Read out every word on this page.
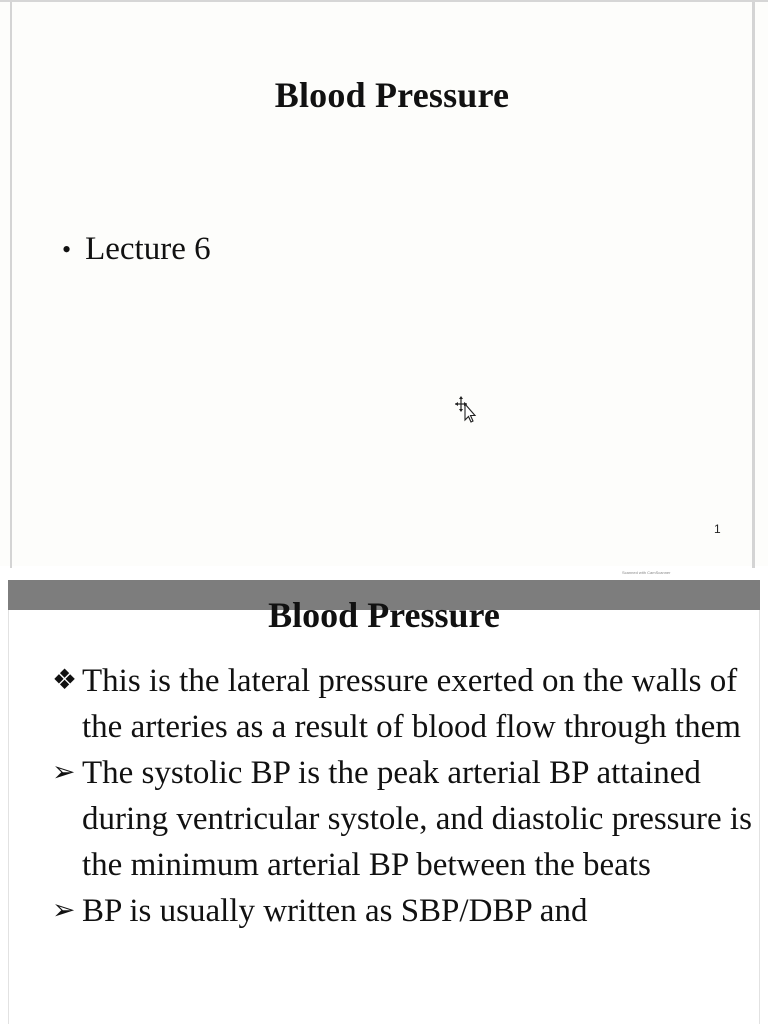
Blood Pressure
• Lecture 6
1
Scanned with CamScanner
Blood Pressure
❖ This is the lateral pressure exerted on the walls of the arteries as a result of blood flow through them
➢ The systolic BP is the peak arterial BP attained during ventricular systole, and diastolic pressure is the minimum arterial BP between the beats
➢ BP is usually written as SBP/DBP and
